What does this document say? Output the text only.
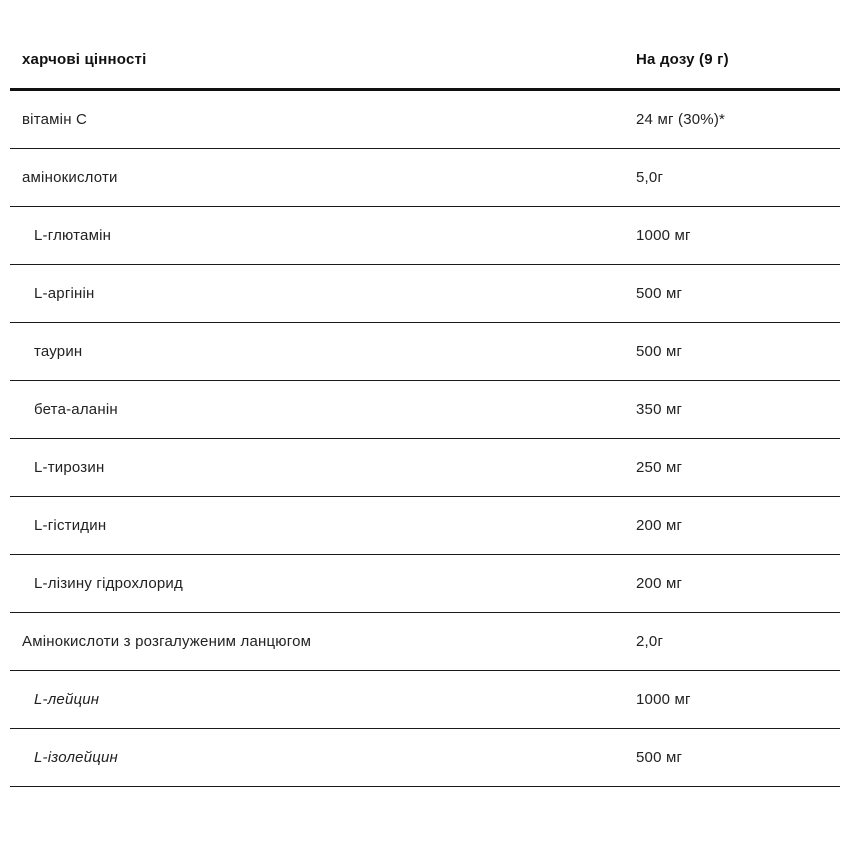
харчові цінності	На дозу (9 г)
вітамін C	24 мг (30%)*
амінокислоти	5,0г
L-глютамін	1000 мг
L-аргінін	500 мг
таурин	500 мг
бета-аланін	350 мг
L-тирозин	250 мг
L-гістидин	200 мг
L-лізину гідрохлорид	200 мг
Амінокислоти з розгалуженим ланцюгом	2,0г
L-лейцин	1000 мг
L-ізолейцин	500 мг
